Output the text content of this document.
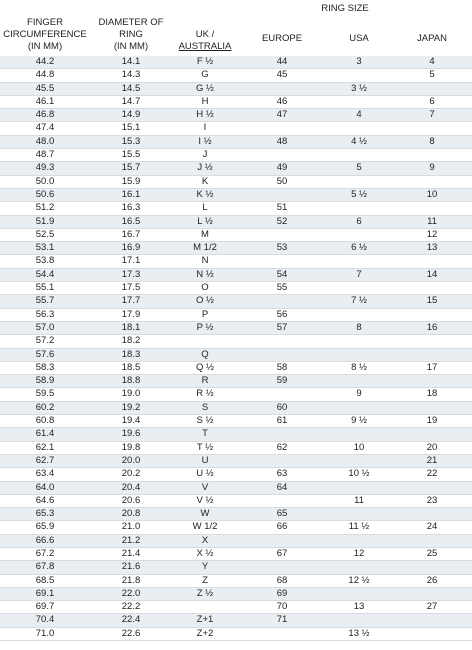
RING SIZE
FINGER
CIRCUMFERENCE
(IN MM)
DIAMETER OF
RING
(IN MM)
UK /
AUSTRALIA
EUROPE	USA	JAPAN
44.2	14.1	F ½	44	3	4
44.8	14.3	G	45		5
45.5	14.5	G ½		3 ½	
46.1	14.7	H	46		6
46.8	14.9	H ½	47	4	7
47.4	15.1	I			
48.0	15.3	I ½	48	4 ½	8
48.7	15.5	J			
49.3	15.7	J ½	49	5	9
50.0	15.9	K	50		
50.6	16.1	K ½		5 ½	10
51.2	16.3	L	51		
51.9	16.5	L ½	52	6	11
52.5	16.7	M			12
53.1	16.9	M 1/2	53	6 ½	13
53.8	17.1	N			
54.4	17.3	N ½	54	7	14
55.1	17.5	O	55		
55.7	17.7	O ½		7 ½	15
56.3	17.9	P	56		
57.0	18.1	P ½	57	8	16
57.2	18.2				
57.6	18.3	Q			
58.3	18.5	Q ½	58	8 ½	17
58.9	18.8	R	59		
59.5	19.0	R ½		9	18
60.2	19.2	S	60		
60.8	19.4	S ½	61	9 ½	19
61.4	19.6	T			
62.1	19.8	T ½	62	10	20
62.7	20.0	U			21
63.4	20.2	U ½	63	10 ½	22
64.0	20.4	V	64		
64.6	20.6	V ½		11	23
65.3	20.8	W	65		
65.9	21.0	W 1/2	66	11 ½	24
66.6	21.2	X			
67.2	21.4	X ½	67	12	25
67.8	21.6	Y			
68.5	21.8	Z	68	12 ½	26
69.1	22.0	Z ½	69		
69.7	22.2		70	13	27
70.4	22.4	Z+1	71		
71.0	22.6	Z+2		13 ½	
